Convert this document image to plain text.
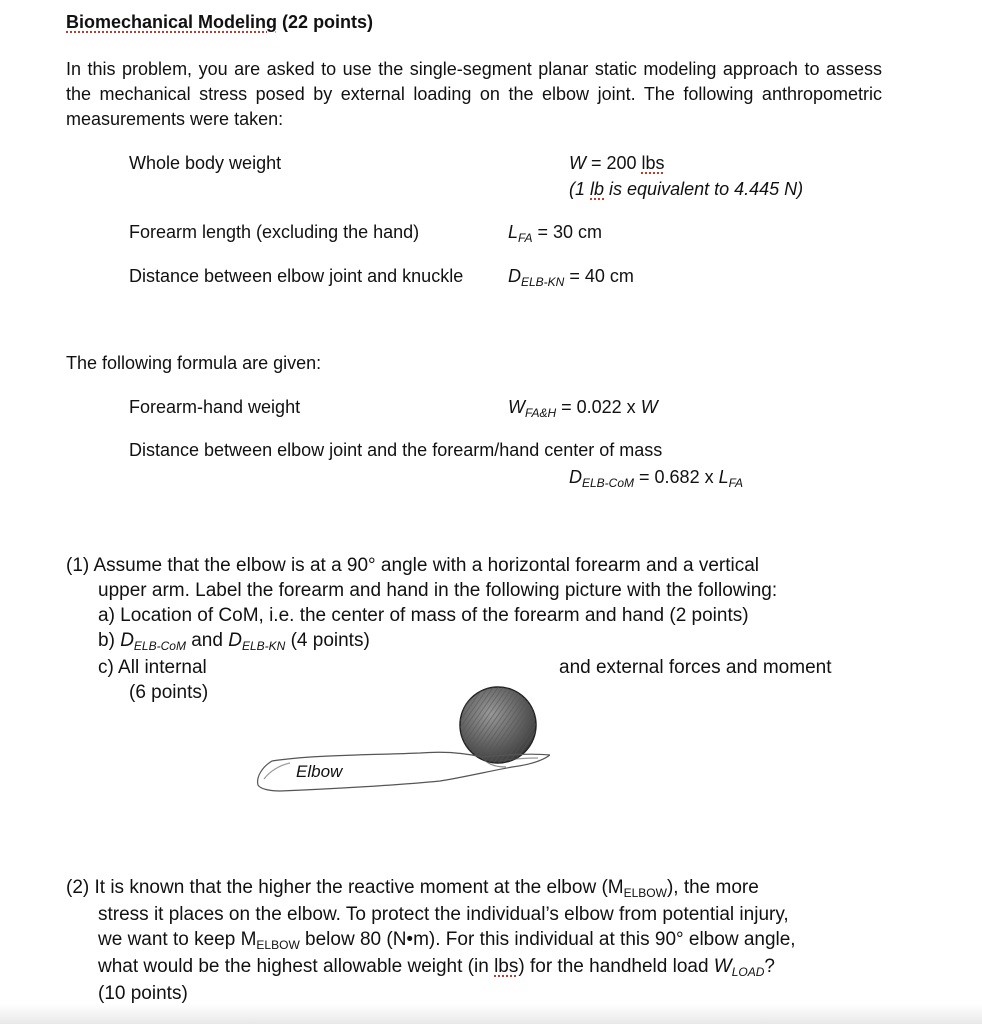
Biomechanical Modeling (22 points)
In this problem, you are asked to use the single-segment planar static modeling approach to assess the mechanical stress posed by external loading on the elbow joint. The following anthropometric measurements were taken:
Whole body weight	W = 200 lbs
(1 lb is equivalent to 4.445 N)
Forearm length (excluding the hand)	$L_{FA} = 30$ cm
Distance between elbow joint and knuckle $D_{ELB-KN} = 40$ cm
The following formula are given:
Forearm-hand weight	$W_{FA\&H} = 0.022$ x W
Distance between elbow joint and the forearm/hand center of mass
$D_{ELB-CoM} = 0.682$ x $L_{FA}$
(1) Assume that the elbow is at a 90° angle with a horizontal forearm and a vertical
upper arm. Label the forearm and hand in the following picture with the following:
a) Location of CoM, i.e. the center of mass of the forearm and hand (2 points)
b) $D_{ELB-CoM}$ and $D_{ELB-KN}$ (4 points)
c) All internal	and external forces and moment
(6 points)
Elbow
(2) It is known that the higher the reactive moment at the elbow $(M_{ELBOW})$, the more
stress it places on the elbow. To protect the individual’s elbow from potential injury,
we want to keep $M_{ELBOW}$ below 80 (N•m). For this individual at this 90° elbow angle,
what would be the highest allowable weight (in lbs) for the handheld load $W_{LOAD}$?
(10 points)
